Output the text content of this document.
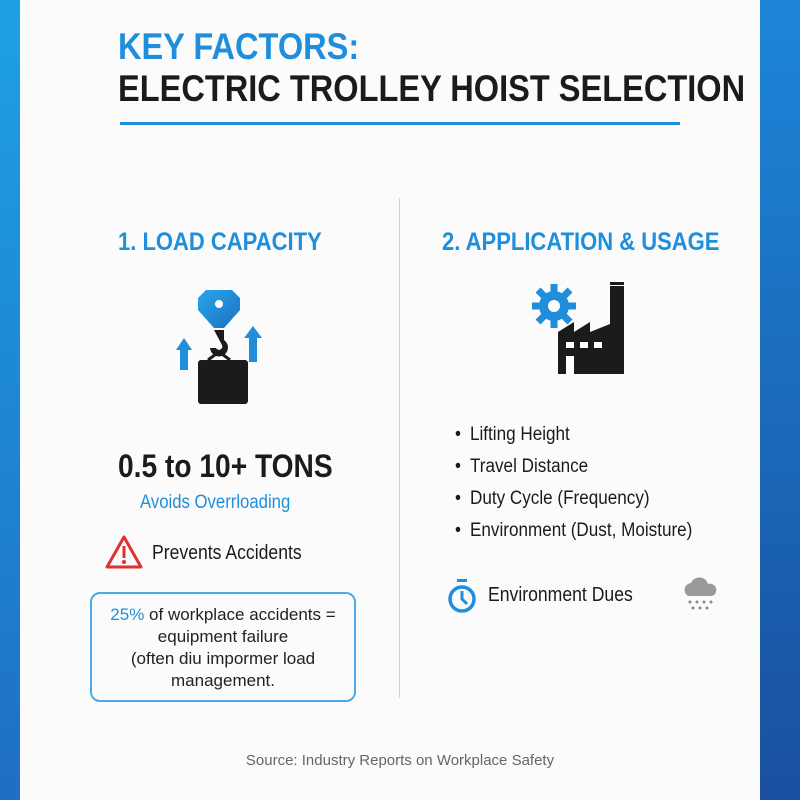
KEY FACTORS:
ELECTRIC TROLLEY HOIST SELECTION
1. LOAD CAPACITY
0.5 to 10+ TONS
Avoids Overrloading
Prevents Accidents
25% of workplace accidents =
equipment failure
(often diu impormer load
management.
2. APPLICATION & USAGE
• Lifting Height
• Travel Distance
• Duty Cycle (Frequency)
• Environment (Dust, Moisture)
Environment Dues
Source: Industry Reports on Workplace Safety
